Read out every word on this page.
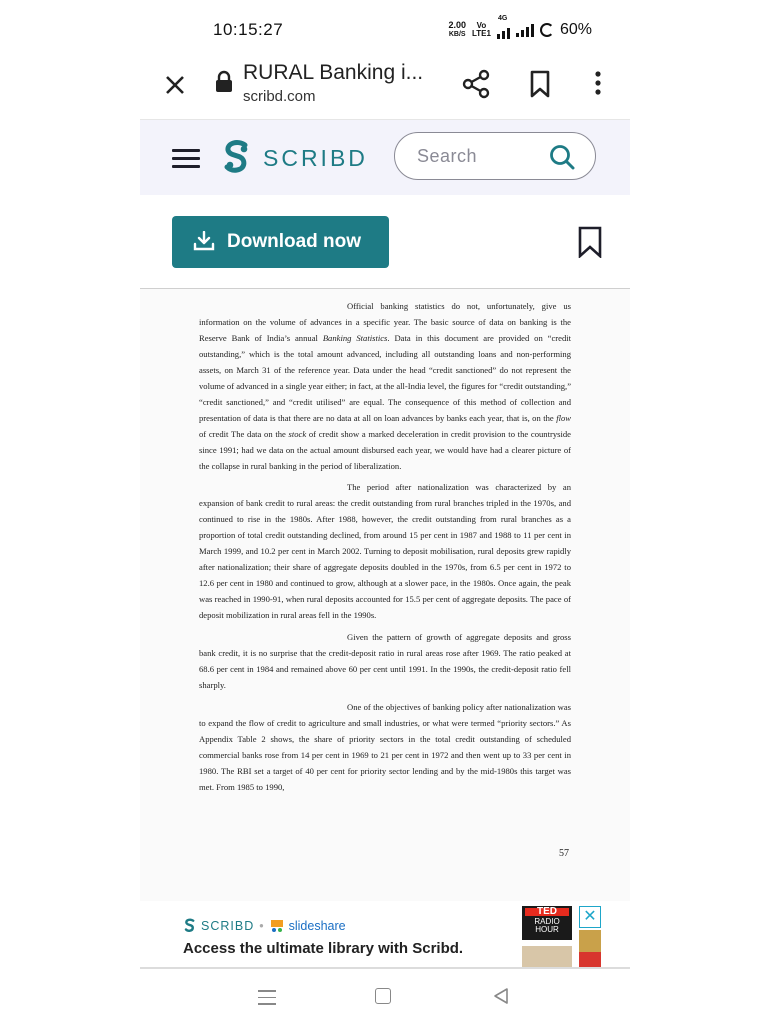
10:15:27	2.00
KB/S
Vo
LTE1
4G
60%
RURAL Banking i...
scribd.com
SCRIBD	Search
Download now

Official banking statistics do not, unfortunately, give us information on the volume of advances in a specific year. The basic source of data on banking is the Reserve Bank of India’s annual Banking Statistics. Data in this document are provided on “credit outstanding,” which is the total amount advanced, including all outstanding loans and non-performing assets, on March 31 of the reference year. Data under the head “credit sanctioned” do not represent the volume of advanced in a single year either; in fact, at the all-India level, the figures for “credit outstanding,” “credit sanctioned,” and “credit utilised” are equal. The consequence of this method of collection and presentation of data is that there are no data at all on loan advances by banks each year, that is, on the flow of credit The data on the stock of credit show a marked deceleration in credit provision to the countryside since 1991; had we data on the actual amount disbursed each year, we would have had a clearer picture of the collapse in rural banking in the period of liberalization.

The period after nationalization was characterized by an expansion of bank credit to rural areas: the credit outstanding from rural branches tripled in the 1970s, and continued to rise in the 1980s. After 1988, however, the credit outstanding from rural branches as a proportion of total credit outstanding declined, from around 15 per cent in 1987 and 1988 to 11 per cent in March 1999, and 10.2 per cent in March 2002. Turning to deposit mobilisation, rural deposits grew rapidly after nationalization; their share of aggregate deposits doubled in the 1970s, from 6.5 per cent in 1972 to 12.6 per cent in 1980 and continued to grow, although at a slower pace, in the 1980s. Once again, the peak was reached in 1990-91, when rural deposits accounted for 15.5 per cent of aggregate deposits. The pace of deposit mobilization in rural areas fell in the 1990s.

Given the pattern of growth of aggregate deposits and gross bank credit, it is no surprise that the credit-deposit ratio in rural areas rose after 1969. The ratio peaked at 68.6 per cent in 1984 and remained above 60 per cent until 1991. In the 1990s, the credit-deposit ratio fell sharply.

One of the objectives of banking policy after nationalization was to expand the flow of credit to agriculture and small industries, or what were termed “priority sectors.” As Appendix Table 2 shows, the share of priority sectors in the total credit outstanding of scheduled commercial banks rose from 14 per cent in 1969 to 21 per cent in 1972 and then went up to 33 per cent in 1980. The RBI set a target of 40 per cent for priority sector lending and by the mid-1980s this target was met. From 1985 to 1990,

57
SCRIBD • slideshare
Access the ultimate library with Scribd.
TED
RADIO HOUR
✕
